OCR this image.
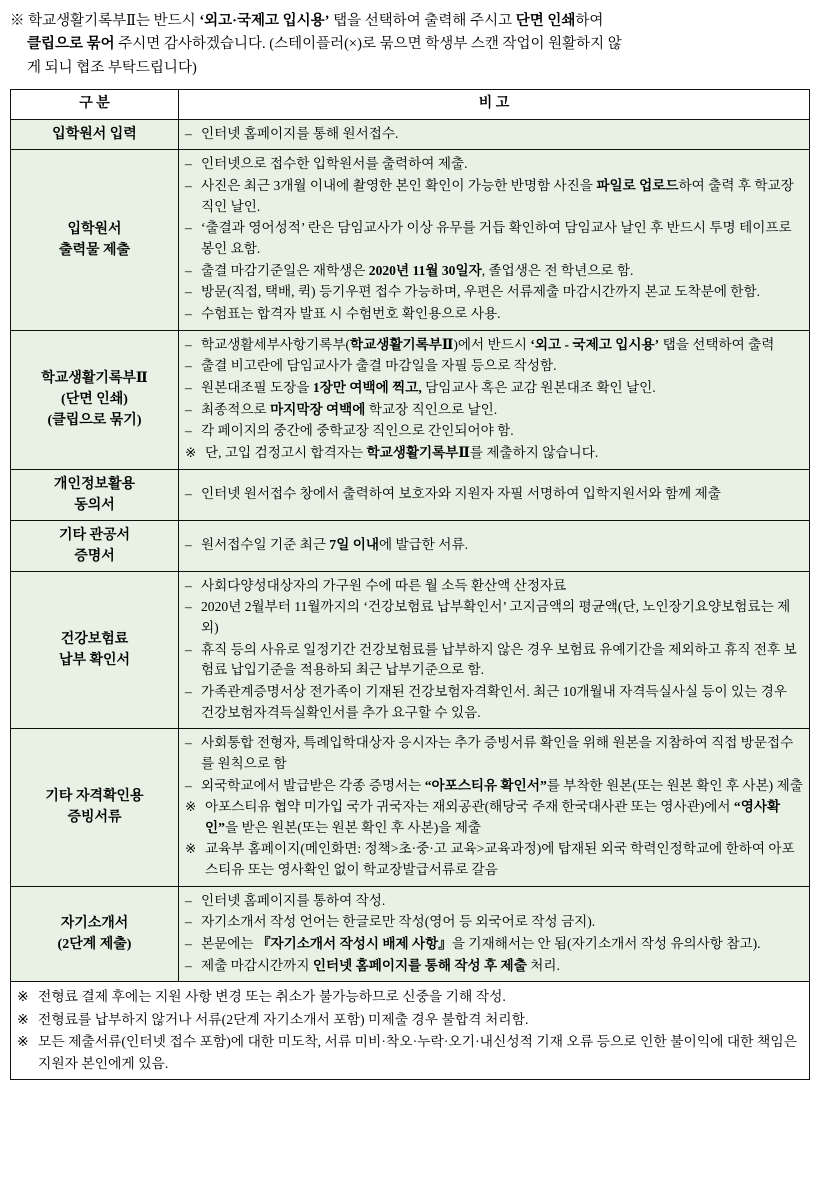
※ 학교생활기록부Ⅱ는 반드시 ‘외고·국제고 입시용’ 탭을 선택하여 출력해 주시고 단면 인쇄하여

클립으로 묶어 주시면 감사하겠습니다. (스테이플러(×)로 묶으면 학생부 스캔 작업이 원활하지 않

게 되니 협조 부탁드립니다)

구 분	비 고
입학원서 입력	– 인터넷 홈페이지를 통해 원서접수.

입학원서
출력물 제출	
– 인터넷으로 접수한 입학원서를 출력하여 제출.
– 사진은 최근 3개월 이내에 촬영한 본인 확인이 가능한 반명함 사진을 파일로 업로드하여 출력 후 학교장 직인 날인.
– ‘출결과 영어성적’ 란은 담임교사가 이상 유무를 거듭 확인하여 담임교사 날인 후 반드시 투명 테이프로 봉인 요함.
– 출결 마감기준일은 재학생은 2020년 11월 30일자, 졸업생은 전 학년으로 함.
– 방문(직접, 택배, 퀵) 등기우편 접수 가능하며, 우편은 서류제출 마감시간까지 본교 도착분에 한함.
– 수험표는 합격자 발표 시 수험번호 확인용으로 사용.

학교생활기록부Ⅱ
(단면 인쇄)
(클립으로 묶기)	
– 학교생활세부사항기록부(학교생활기록부Ⅱ)에서 반드시 ‘외고 - 국제고 입시용’ 탭을 선택하여 출력
– 출결 비고란에 담임교사가 출결 마감일을 자필 등으로 작성함.
– 원본대조필 도장을 1장만 여백에 찍고, 담임교사 혹은 교감 원본대조 확인 날인.
– 최종적으로 마지막장 여백에 학교장 직인으로 날인.
– 각 페이지의 중간에 중학교장 직인으로 간인되어야 함.
※ 단, 고입 검정고시 합격자는 학교생활기록부Ⅱ를 제출하지 않습니다.

개인정보활용
동의서	
– 인터넷 원서접수 창에서 출력하여 보호자와 지원자 자필 서명하여 입학지원서와 함께 제출

기타 관공서
증명서	
– 원서접수일 기준 최근 7일 이내에 발급한 서류.

건강보험료
납부 확인서	
– 사회다양성대상자의 가구원 수에 따른 월 소득 환산액 산정자료
– 2020년 2월부터 11월까지의 ‘건강보험료 납부확인서’ 고지금액의 평균액(단, 노인장기요양보험료는 제외)
– 휴직 등의 사유로 일정기간 건강보험료를 납부하지 않은 경우 보험료 유예기간을 제외하고 휴직 전후 보험료 납입기준을 적용하되 최근 납부기준으로 함.
– 가족관계증명서상 전가족이 기재된 건강보험자격확인서. 최근 10개월내 자격득실사실 등이 있는 경우 건강보험자격득실확인서를 추가 요구할 수 있음.

기타 자격확인용
증빙서류	
– 사회통합 전형자, 특례입학대상자 응시자는 추가 증빙서류 확인을 위해 원본을 지참하여 직접 방문접수를 원칙으로 함
– 외국학교에서 발급받은 각종 증명서는 “아포스티유 확인서”를 부착한 원본(또는 원본 확인 후 사본) 제출
※ 아포스티유 협약 미가입 국가 귀국자는 재외공관(해당국 주재 한국대사관 또는 영사관)에서 “영사확인”을 받은 원본(또는 원본 확인 후 사본)을 제출
※ 교육부 홈페이지(메인화면: 정책>초·중·고 교육>교육과정)에 탑재된 외국 학력인정학교에 한하여 아포스티유 또는 영사확인 없이 학교장발급서류로 갈음

자기소개서
(2단계 제출)	
– 인터넷 홈페이지를 통하여 작성.
– 자기소개서 작성 언어는 한글로만 작성(영어 등 외국어로 작성 금지).
– 본문에는 『자기소개서 작성시 배제 사항』을 기재해서는 안 됨(자기소개서 작성 유의사항 참고).
– 제출 마감시간까지 인터넷 홈페이지를 통해 작성 후 제출 처리.

※ 전형료 결제 후에는 지원 사항 변경 또는 취소가 불가능하므로 신중을 기해 작성.
※ 전형료를 납부하지 않거나 서류(2단계 자기소개서 포함) 미제출 경우 불합격 처리함.
※ 모든 제출서류(인터넷 접수 포함)에 대한 미도착, 서류 미비·착오·누락·오기·내신성적 기재 오류 등으로 인한 불이익에 대한 책임은 지원자 본인에게 있음.
